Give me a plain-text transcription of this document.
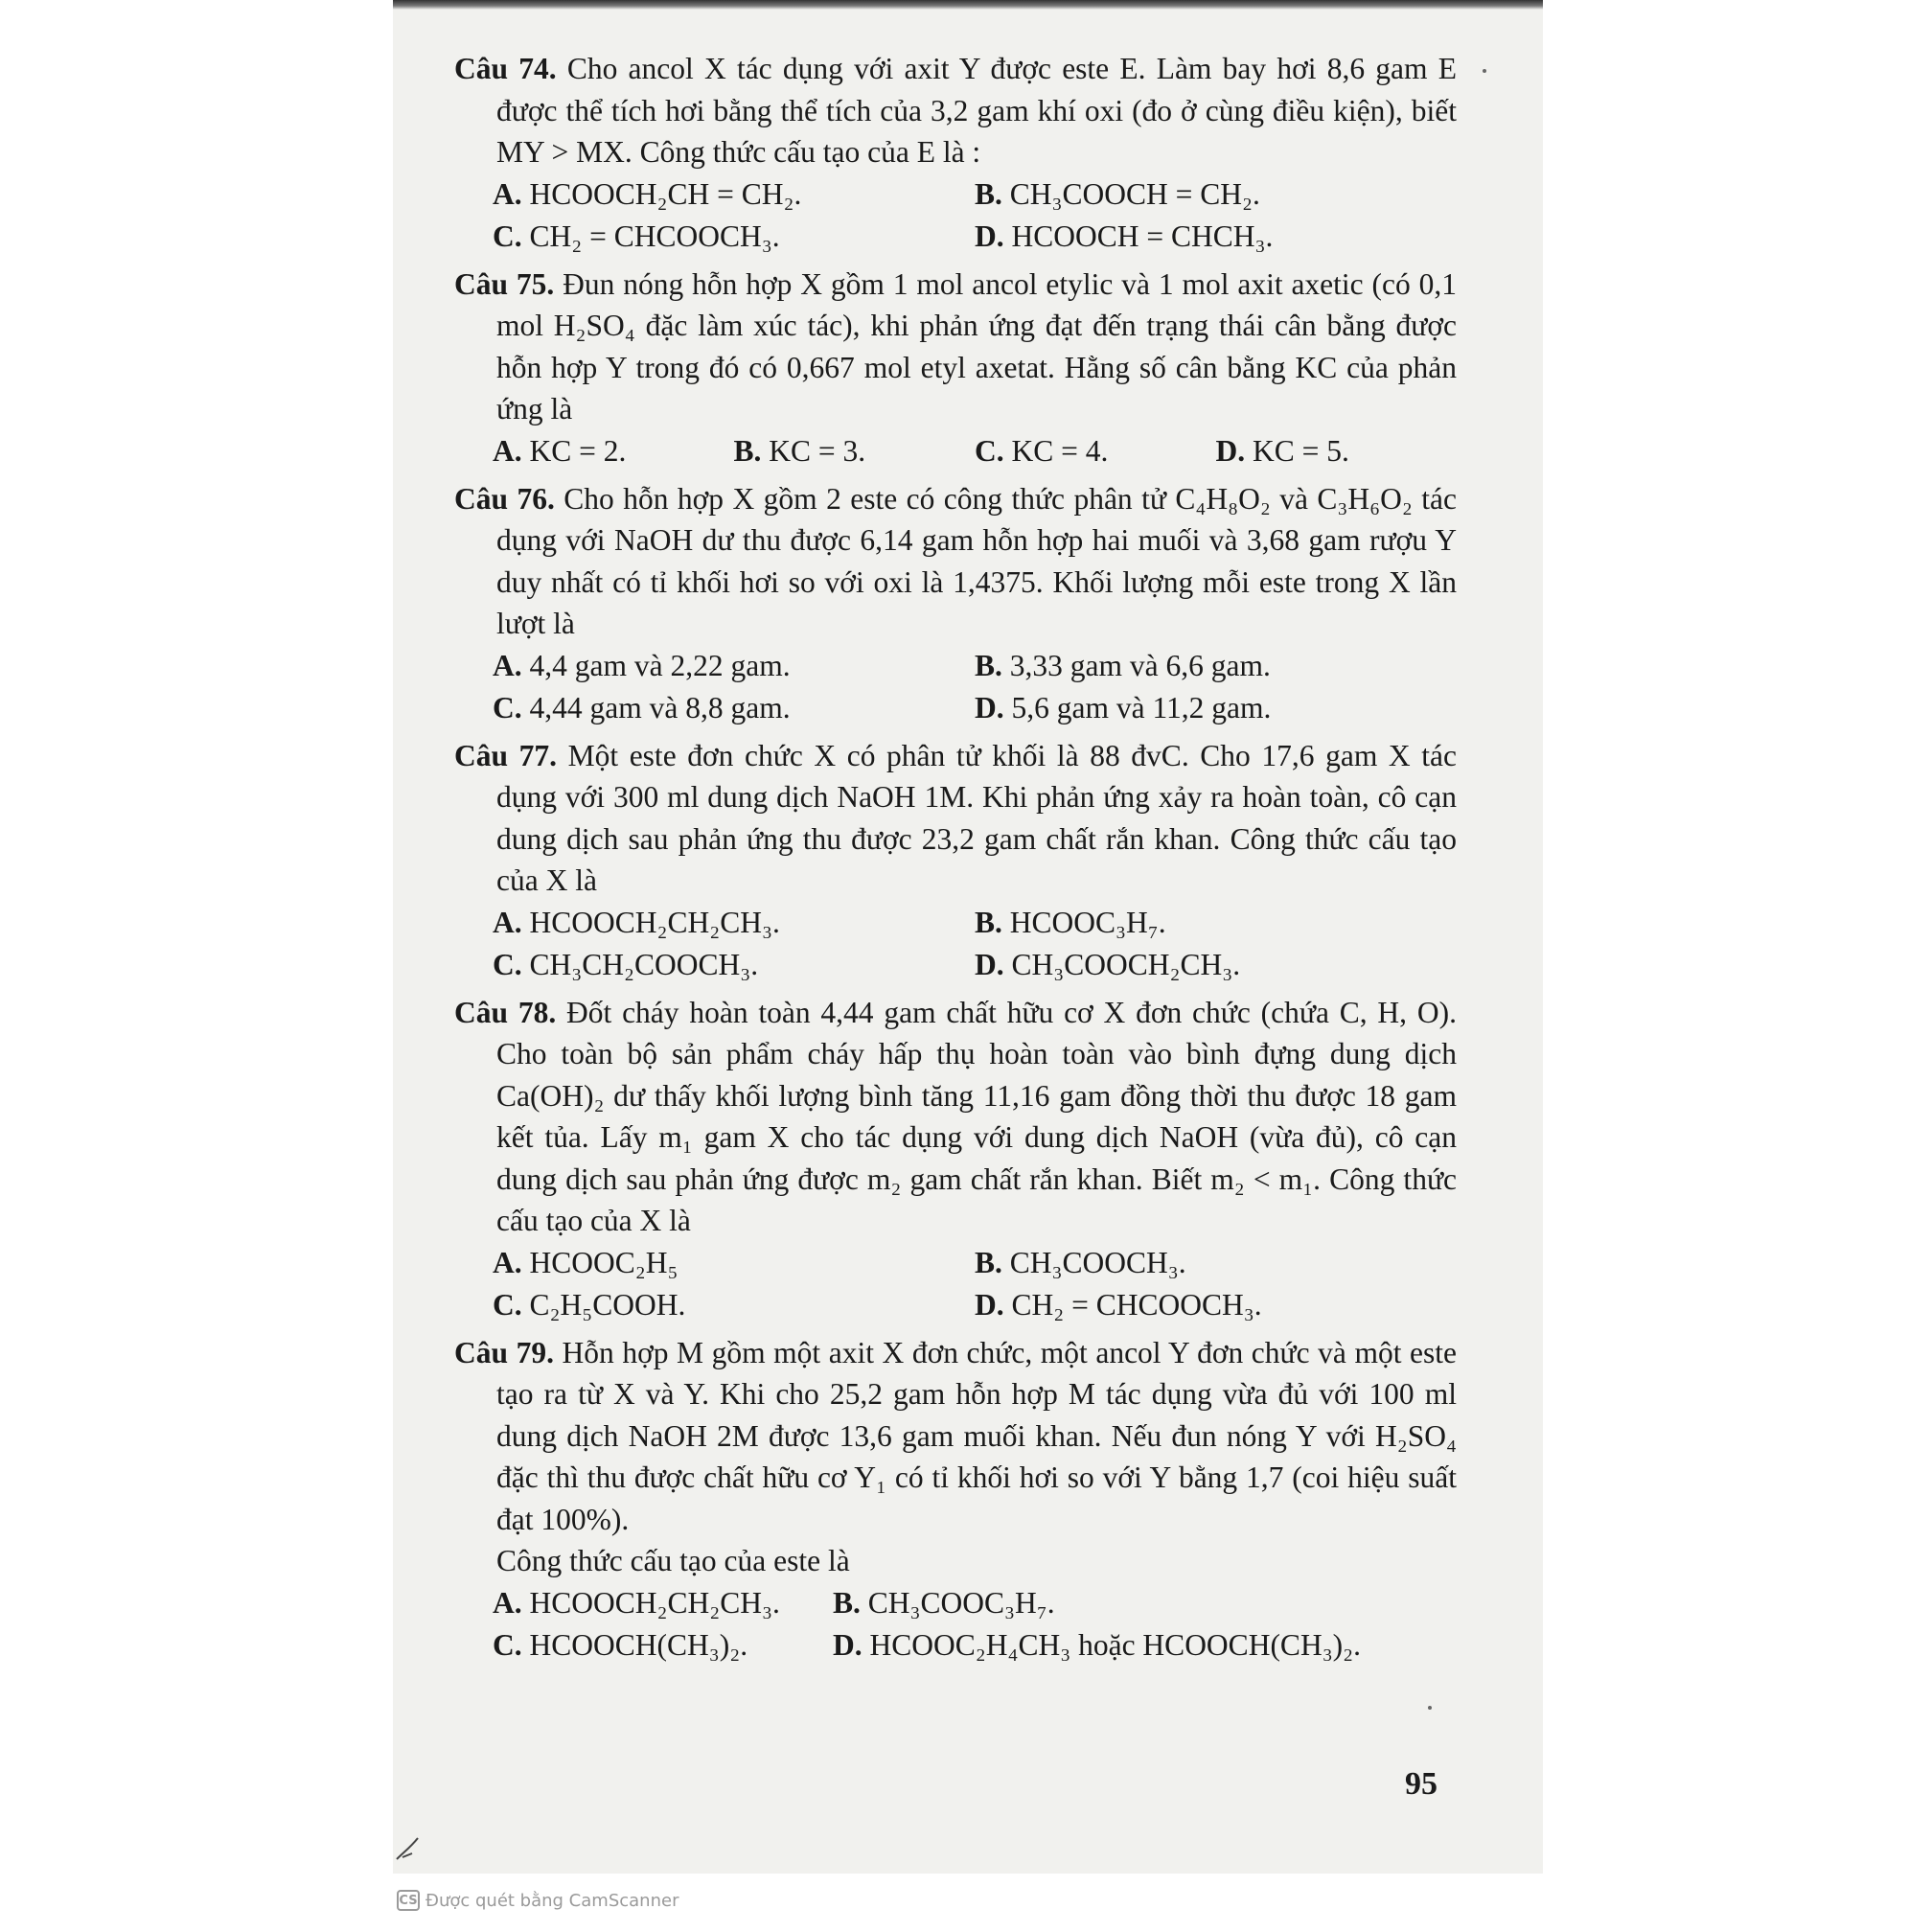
Câu 74. Cho ancol X tác dụng với axit Y được este E. Làm bay hơi 8,6 gam E được thể tích hơi bằng thể tích của 3,2 gam khí oxi (đo ở cùng điều kiện), biết MY > MX. Công thức cấu tạo của E là :
A. HCOOCH₂CH = CH₂.	B. CH₃COOCH = CH₂.
C. CH₂ = CHCOOCH₃.	D. HCOOCH = CHCH₃.
Câu 75. Đun nóng hỗn hợp X gồm 1 mol ancol etylic và 1 mol axit axetic (có 0,1 mol H₂SO₄ đặc làm xúc tác), khi phản ứng đạt đến trạng thái cân bằng được hỗn hợp Y trong đó có 0,667 mol etyl axetat. Hằng số cân bằng KC của phản ứng là
A. KC = 2.	B. KC = 3.	C. KC = 4.	D. KC = 5.
Câu 76. Cho hỗn hợp X gồm 2 este có công thức phân tử C₄H₈O₂ và C₃H₆O₂ tác dụng với NaOH dư thu được 6,14 gam hỗn hợp hai muối và 3,68 gam rượu Y duy nhất có tỉ khối hơi so với oxi là 1,4375. Khối lượng mỗi este trong X lần lượt là
A. 4,4 gam và 2,22 gam.	B. 3,33 gam và 6,6 gam.
C. 4,44 gam và 8,8 gam.	D. 5,6 gam và 11,2 gam.
Câu 77. Một este đơn chức X có phân tử khối là 88 đvC. Cho 17,6 gam X tác dụng với 300 ml dung dịch NaOH 1M. Khi phản ứng xảy ra hoàn toàn, cô cạn dung dịch sau phản ứng thu được 23,2 gam chất rắn khan. Công thức cấu tạo của X là
A. HCOOCH₂CH₂CH₃.	B. HCOOC₃H₇.
C. CH₃CH₂COOCH₃.	D. CH₃COOCH₂CH₃.
Câu 78. Đốt cháy hoàn toàn 4,44 gam chất hữu cơ X đơn chức (chứa C, H, O). Cho toàn bộ sản phẩm cháy hấp thụ hoàn toàn vào bình đựng dung dịch Ca(OH)₂ dư thấy khối lượng bình tăng 11,16 gam đồng thời thu được 18 gam kết tủa. Lấy m₁ gam X cho tác dụng với dung dịch NaOH (vừa đủ), cô cạn dung dịch sau phản ứng được m₂ gam chất rắn khan. Biết m₂ < m₁. Công thức cấu tạo của X là
A. HCOOC₂H₅	B. CH₃COOCH₃.
C. C₂H₅COOH.	D. CH₂ = CHCOOCH₃.
Câu 79. Hỗn hợp M gồm một axit X đơn chức, một ancol Y đơn chức và một este tạo ra từ X và Y. Khi cho 25,2 gam hỗn hợp M tác dụng vừa đủ với 100 ml dung dịch NaOH 2M được 13,6 gam muối khan. Nếu đun nóng Y với H₂SO₄ đặc thì thu được chất hữu cơ Y₁ có tỉ khối hơi so với Y bằng 1,7 (coi hiệu suất đạt 100%).
Công thức cấu tạo của este là
A. HCOOCH₂CH₂CH₃.	B. CH₃COOC₃H₇.
C. HCOOCH(CH₃)₂.	D. HCOOC₂H₄CH₃ hoặc HCOOCH(CH₃)₂.
95
CS Được quét bằng CamScanner
